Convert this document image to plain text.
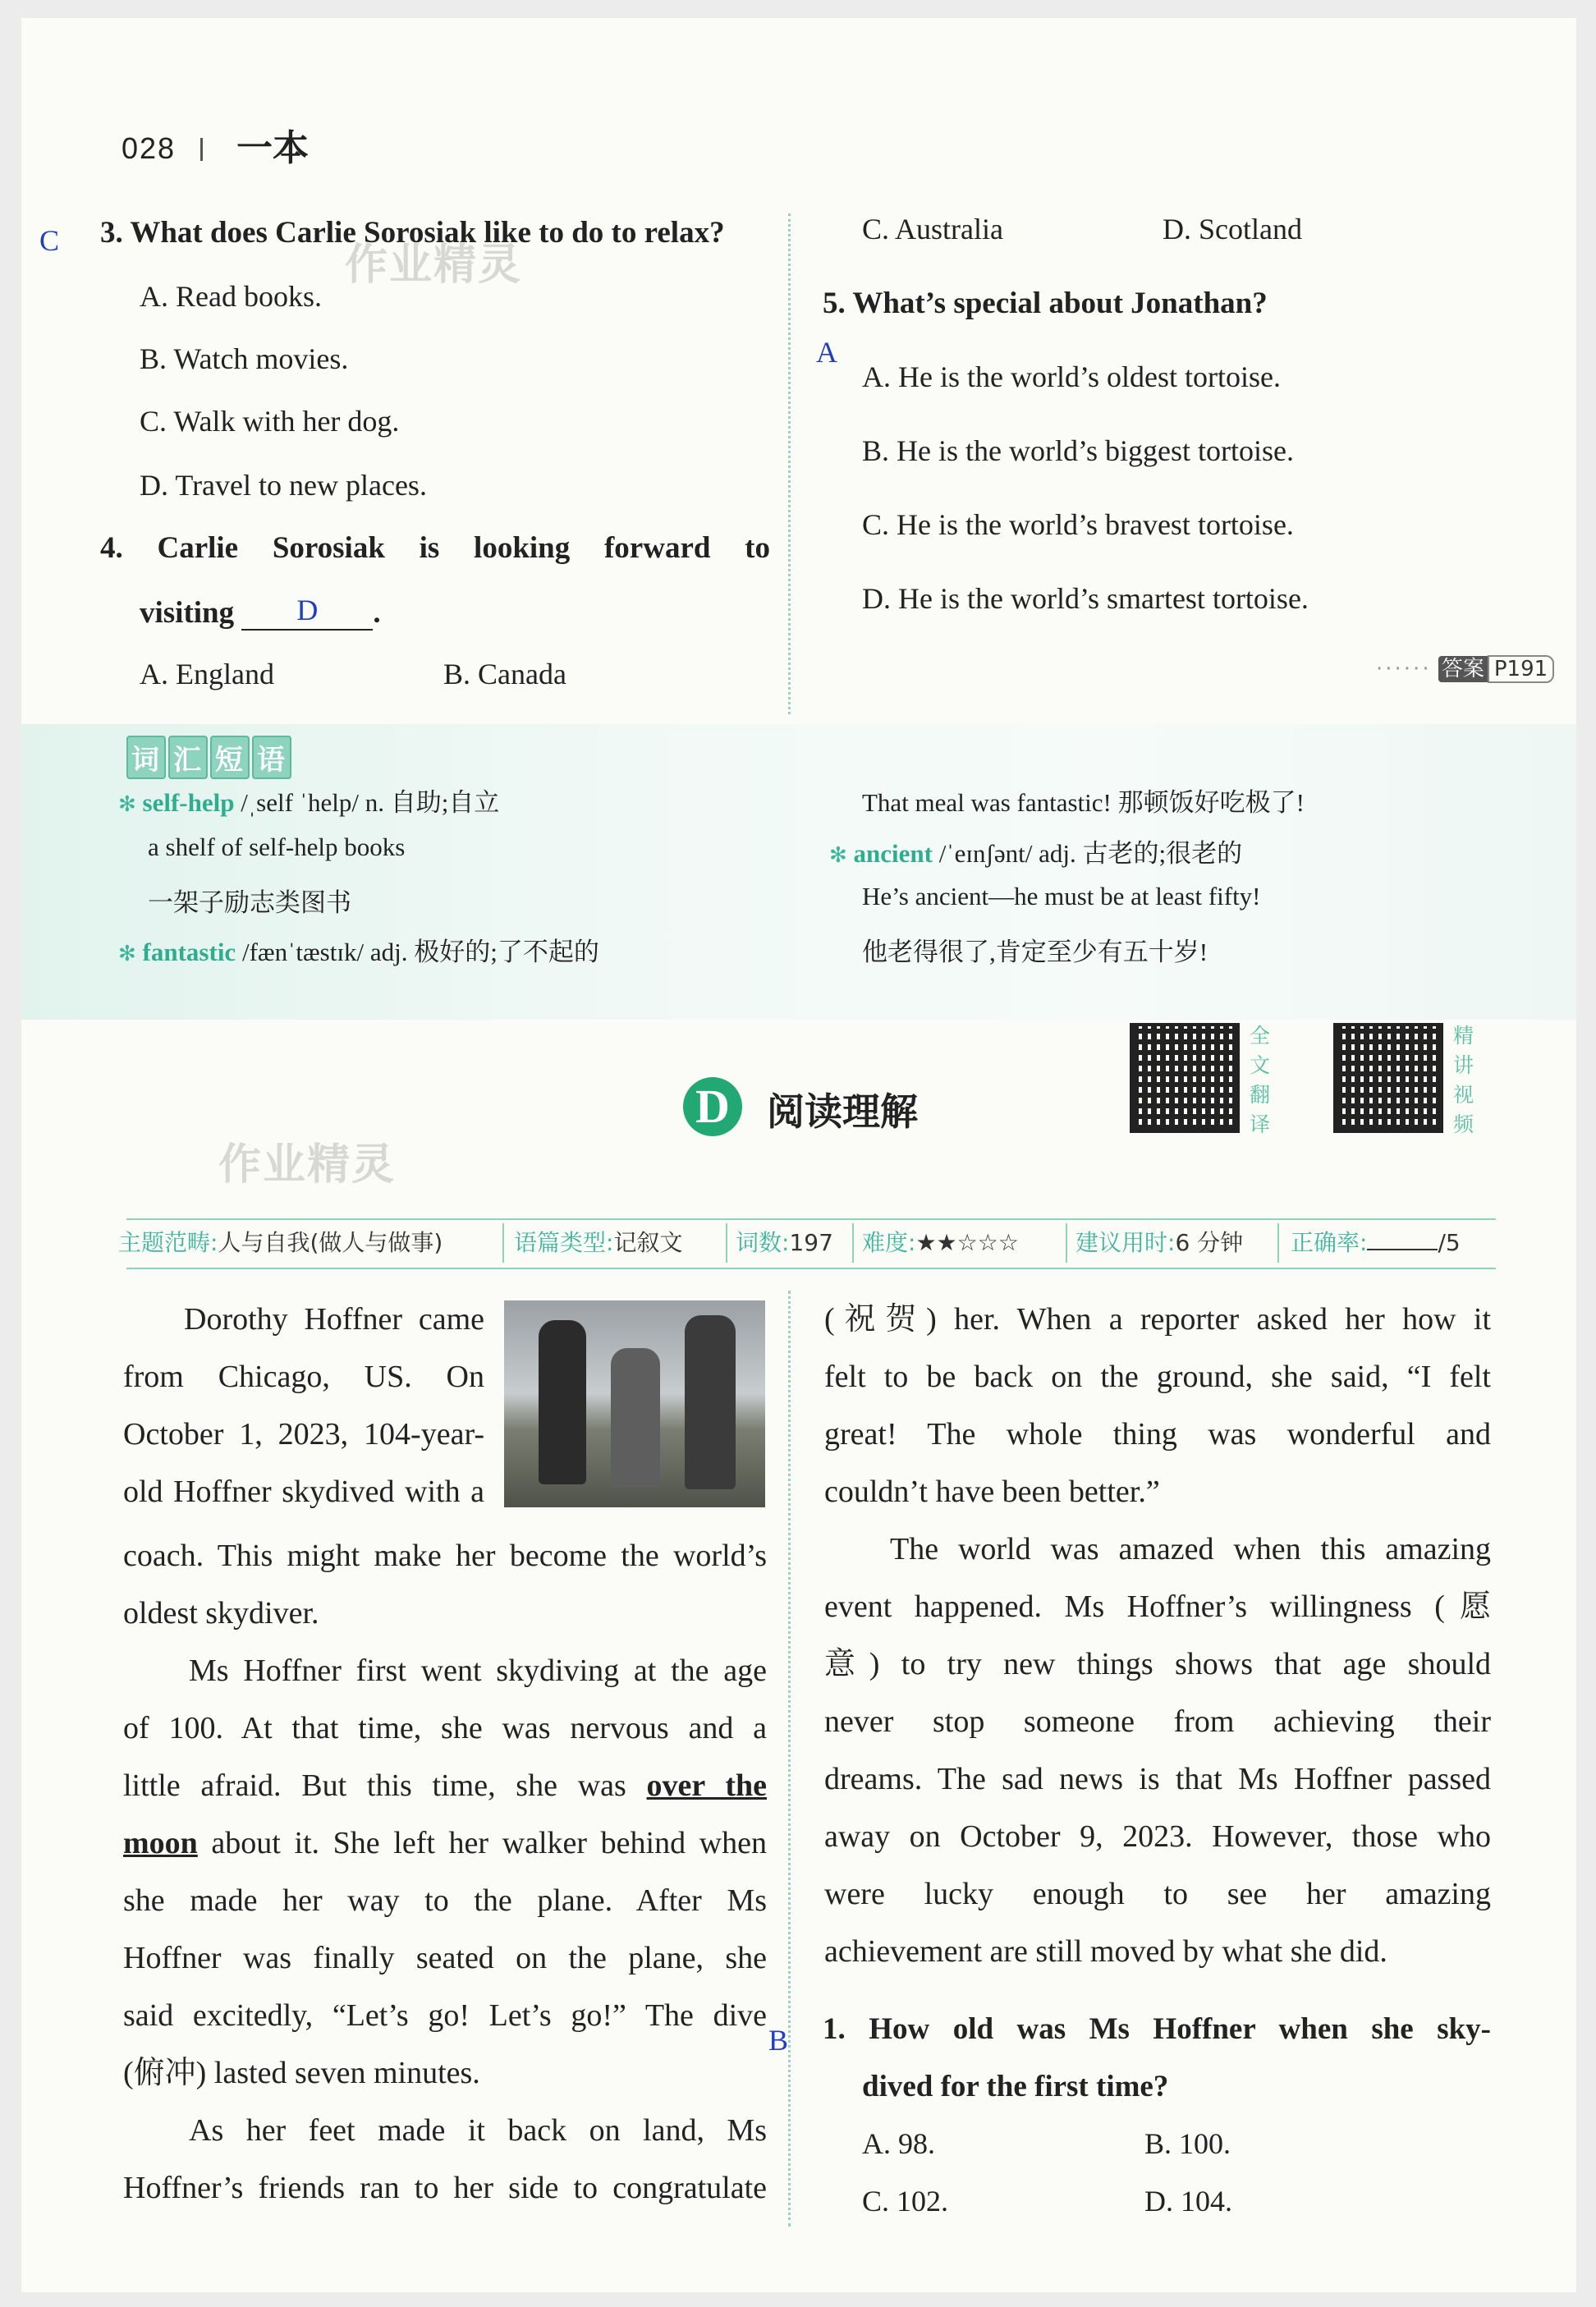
028 一本
作业精灵
C 3. What does Carlie Sorosiak like to do to relax?
A. Read books.
B. Watch movies.
C. Walk with her dog.
D. Travel to new places.
4. Carlie Sorosiak is looking forward to
visiting D .
A. England	B. Canada
C. Australia	D. Scotland
5. What’s special about Jonathan?
A
A. He is the world’s oldest tortoise.
B. He is the world’s biggest tortoise.
C. He is the world’s bravest tortoise.
D. He is the world’s smartest tortoise.
······ 答案 P191
词 汇 短 语
✻ self-help /ˌself ˈhelp/ n. 自助;自立
a shelf of self-help books
一架子励志类图书
✻ fantastic /fænˈtæstɪk/ adj. 极好的;了不起的
That meal was fantastic! 那顿饭好吃极了!
✻ ancient /ˈeɪnʃənt/ adj. 古老的;很老的
He’s ancient—he must be at least fifty!
他老得很了,肯定至少有五十岁!
D 阅读理解
全
文
翻
译
精
讲
视
频
作业精灵
主题范畴:人与自我(做人与做事)	语篇类型:记叙文 词数:197 难度:★★☆☆☆ 建议用时:6 分钟 正确率:	/5
Dorothy Hoffner came
from Chicago, US. On
October 1, 2023, 104-year-
old Hoffner skydived with a
coach. This might make her become the world’s
oldest skydiver.
Ms Hoffner first went skydiving at the age
of 100. At that time, she was nervous and a
little afraid. But this time, she was over the
moon about it. She left her walker behind when
she made her way to the plane. After Ms
Hoffner was finally seated on the plane, she
said excitedly, “Let’s go! Let’s go!” The dive
(俯冲) lasted seven minutes.
As her feet made it back on land, Ms
Hoffner’s friends ran to her side to congratulate
(祝贺) her. When a reporter asked her how it
felt to be back on the ground, she said, “I felt
great! The whole thing was wonderful and
couldn’t have been better.”
The world was amazed when this amazing
event happened. Ms Hoffner’s willingness (愿
意) to try new things shows that age should
never stop someone from achieving their
dreams. The sad news is that Ms Hoffner passed
away on October 9, 2023. However, those who
were lucky enough to see her amazing
achievement are still moved by what she did.
B 1. How old was Ms Hoffner when she sky-
dived for the first time?
A. 98.	B. 100.
C. 102.	D. 104.
